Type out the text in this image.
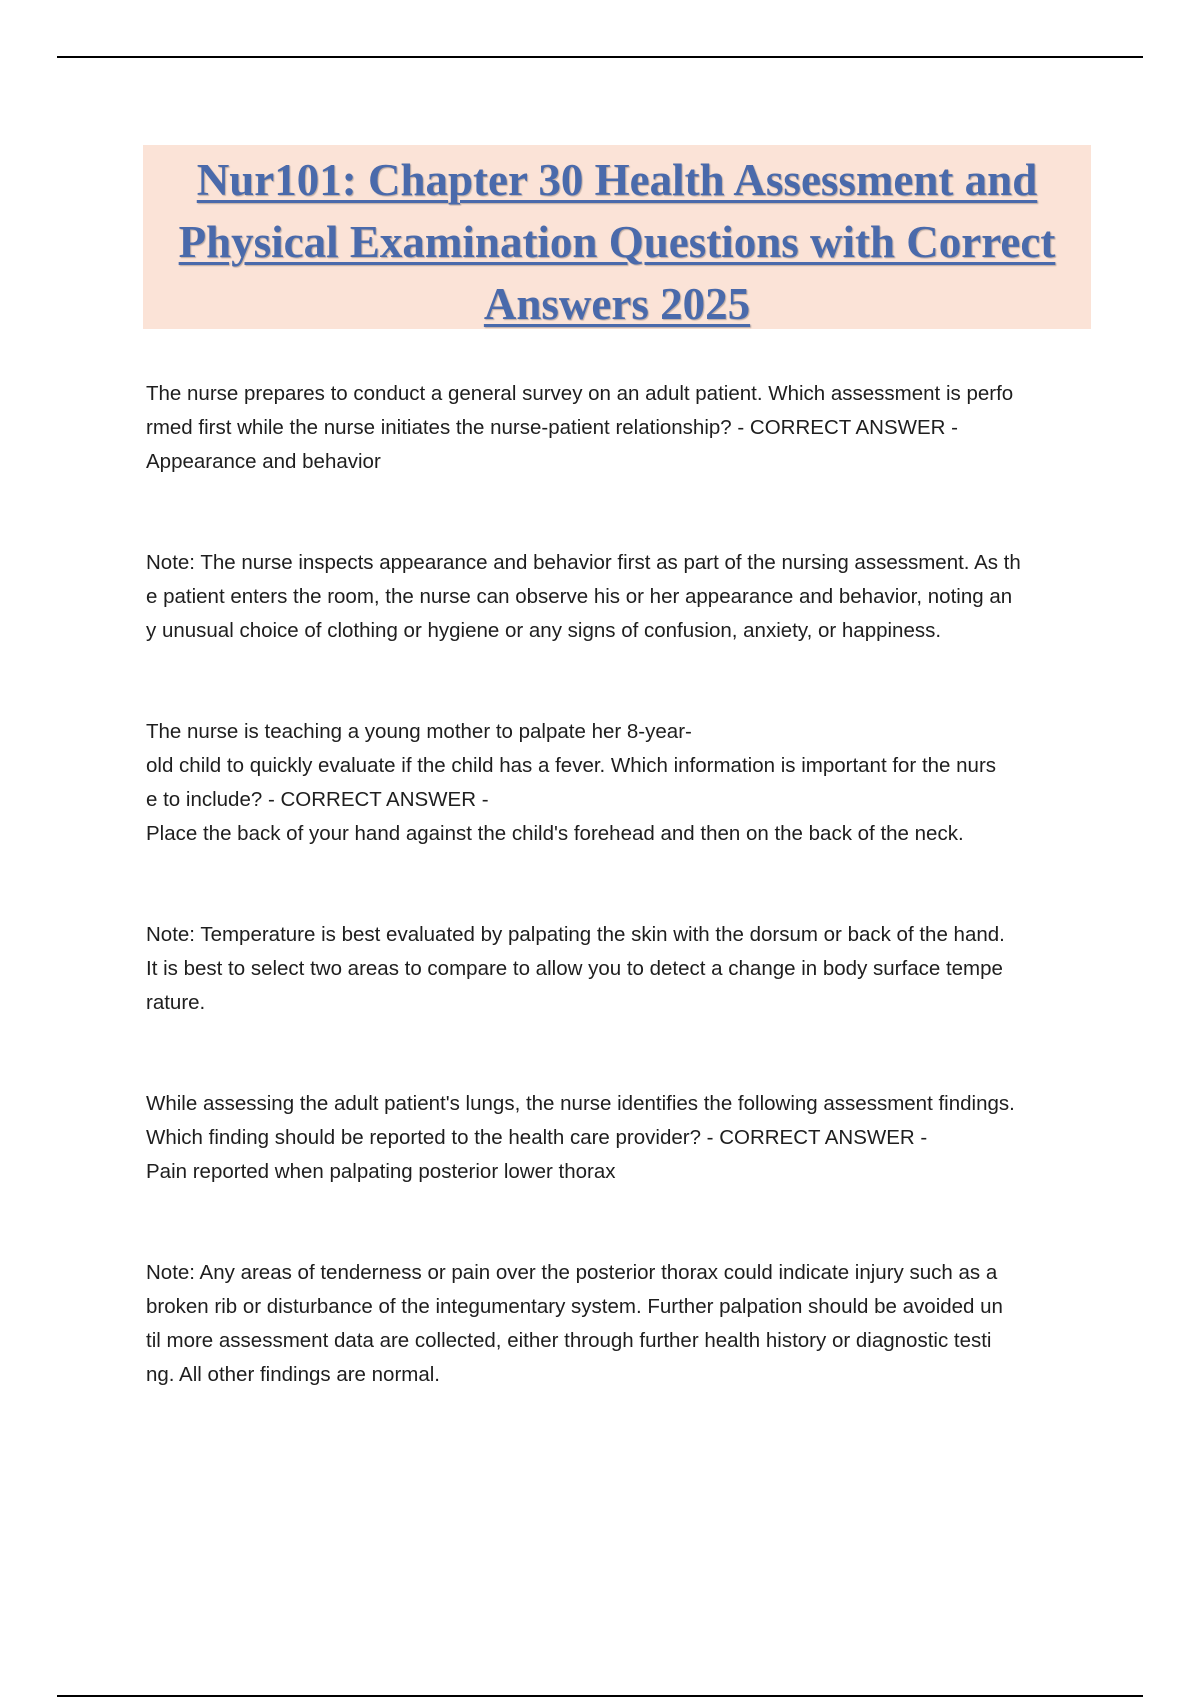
Nur101: Chapter 30 Health Assessment and
Physical Examination Questions with Correct
Answers 2025

The nurse prepares to conduct a general survey on an adult patient. Which assessment is perfo
rmed first while the nurse initiates the nurse-patient relationship? - CORRECT ANSWER -
Appearance and behavior

Note: The nurse inspects appearance and behavior first as part of the nursing assessment. As th
e patient enters the room, the nurse can observe his or her appearance and behavior, noting an
y unusual choice of clothing or hygiene or any signs of confusion, anxiety, or happiness.

The nurse is teaching a young mother to palpate her 8-year-
old child to quickly evaluate if the child has a fever. Which information is important for the nurs
e to include? - CORRECT ANSWER -
Place the back of your hand against the child's forehead and then on the back of the neck.

Note: Temperature is best evaluated by palpating the skin with the dorsum or back of the hand.
It is best to select two areas to compare to allow you to detect a change in body surface tempe
rature.

While assessing the adult patient's lungs, the nurse identifies the following assessment findings.
Which finding should be reported to the health care provider? - CORRECT ANSWER -
Pain reported when palpating posterior lower thorax

Note: Any areas of tenderness or pain over the posterior thorax could indicate injury such as a
broken rib or disturbance of the integumentary system. Further palpation should be avoided un
til more assessment data are collected, either through further health history or diagnostic testi
ng. All other findings are normal.
